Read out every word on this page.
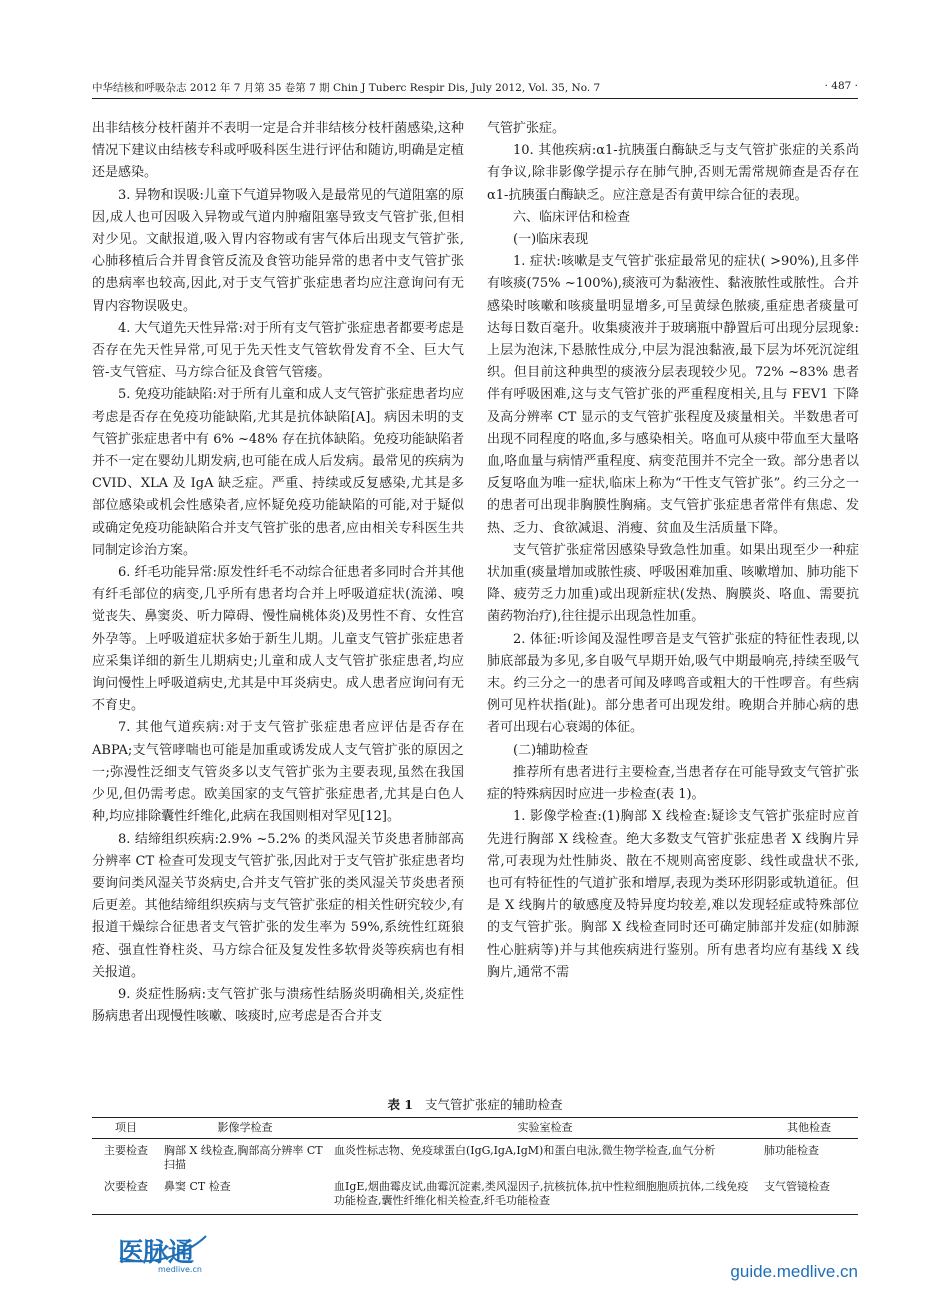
中华结核和呼吸杂志 2012 年 7 月第 35 卷第 7 期 Chin J Tuberc Respir Dis, July 2012, Vol. 35, No. 7	· 487 ·

出非结核分枝杆菌并不表明一定是合并非结核分枝杆菌感染,这种情况下建议由结核专科或呼吸科医生进行评估和随访,明确是定植还是感染。

3. 异物和误吸:儿童下气道异物吸入是最常见的气道阻塞的原因,成人也可因吸入异物或气道内肿瘤阻塞导致支气管扩张,但相对少见。文献报道,吸入胃内容物或有害气体后出现支气管扩张,心肺移植后合并胃食管反流及食管功能异常的患者中支气管扩张的患病率也较高,因此,对于支气管扩张症患者均应注意询问有无胃内容物误吸史。

4. 大气道先天性异常:对于所有支气管扩张症患者都要考虑是否存在先天性异常,可见于先天性支气管软骨发育不全、巨大气管-支气管症、马方综合征及食管气管瘘。

5. 免疫功能缺陷:对于所有儿童和成人支气管扩张症患者均应考虑是否存在免疫功能缺陷,尤其是抗体缺陷[A]。病因未明的支气管扩张症患者中有 6% ~48% 存在抗体缺陷。免疫功能缺陷者并不一定在婴幼儿期发病,也可能在成人后发病。最常见的疾病为 CVID、XLA 及 IgA 缺乏症。严重、持续或反复感染,尤其是多部位感染或机会性感染者,应怀疑免疫功能缺陷的可能,对于疑似或确定免疫功能缺陷合并支气管扩张的患者,应由相关专科医生共同制定诊治方案。

6. 纤毛功能异常:原发性纤毛不动综合征患者多同时合并其他有纤毛部位的病变,几乎所有患者均合并上呼吸道症状(流涕、嗅觉丧失、鼻窦炎、听力障碍、慢性扁桃体炎)及男性不育、女性宫外孕等。上呼吸道症状多始于新生儿期。儿童支气管扩张症患者应采集详细的新生儿期病史;儿童和成人支气管扩张症患者,均应询问慢性上呼吸道病史,尤其是中耳炎病史。成人患者应询问有无不育史。

7. 其他气道疾病:对于支气管扩张症患者应评估是否存在 ABPA;支气管哮喘也可能是加重或诱发成人支气管扩张的原因之一;弥漫性泛细支气管炎多以支气管扩张为主要表现,虽然在我国少见,但仍需考虑。欧美国家的支气管扩张症患者,尤其是白色人种,均应排除囊性纤维化,此病在我国则相对罕见[12]。

8. 结缔组织疾病:2.9% ~5.2% 的类风湿关节炎患者肺部高分辨率 CT 检查可发现支气管扩张,因此对于支气管扩张症患者均要询问类风湿关节炎病史,合并支气管扩张的类风湿关节炎患者预后更差。其他结缔组织疾病与支气管扩张症的相关性研究较少,有报道干燥综合征患者支气管扩张的发生率为 59%,系统性红斑狼疮、强直性脊柱炎、马方综合征及复发性多软骨炎等疾病也有相关报道。

9. 炎症性肠病:支气管扩张与溃疡性结肠炎明确相关,炎症性肠病患者出现慢性咳嗽、咳痰时,应考虑是否合并支

气管扩张症。

10. 其他疾病:α1-抗胰蛋白酶缺乏与支气管扩张症的关系尚有争议,除非影像学提示存在肺气肿,否则无需常规筛查是否存在 α1-抗胰蛋白酶缺乏。应注意是否有黄甲综合征的表现。

六、临床评估和检查

(一)临床表现

1. 症状:咳嗽是支气管扩张症最常见的症状( >90%),且多伴有咳痰(75% ~100%),痰液可为黏液性、黏液脓性或脓性。合并感染时咳嗽和咳痰量明显增多,可呈黄绿色脓痰,重症患者痰量可达每日数百毫升。收集痰液并于玻璃瓶中静置后可出现分层现象:上层为泡沫,下悬脓性成分,中层为混浊黏液,最下层为坏死沉淀组织。但目前这种典型的痰液分层表现较少见。72% ~83% 患者伴有呼吸困难,这与支气管扩张的严重程度相关,且与 FEV1 下降及高分辨率 CT 显示的支气管扩张程度及痰量相关。半数患者可出现不同程度的咯血,多与感染相关。咯血可从痰中带血至大量咯血,咯血量与病情严重程度、病变范围并不完全一致。部分患者以反复咯血为唯一症状,临床上称为“干性支气管扩张”。约三分之一的患者可出现非胸膜性胸痛。支气管扩张症患者常伴有焦虑、发热、乏力、食欲减退、消瘦、贫血及生活质量下降。

支气管扩张症常因感染导致急性加重。如果出现至少一种症状加重(痰量增加或脓性痰、呼吸困难加重、咳嗽增加、肺功能下降、疲劳乏力加重)或出现新症状(发热、胸膜炎、咯血、需要抗菌药物治疗),往往提示出现急性加重。

2. 体征:听诊闻及湿性啰音是支气管扩张症的特征性表现,以肺底部最为多见,多自吸气早期开始,吸气中期最响亮,持续至吸气末。约三分之一的患者可闻及哮鸣音或粗大的干性啰音。有些病例可见杵状指(趾)。部分患者可出现发绀。晚期合并肺心病的患者可出现右心衰竭的体征。

(二)辅助检查

推荐所有患者进行主要检查,当患者存在可能导致支气管扩张症的特殊病因时应进一步检查(表 1)。

1. 影像学检查:(1)胸部 X 线检查:疑诊支气管扩张症时应首先进行胸部 X 线检查。绝大多数支气管扩张症患者 X 线胸片异常,可表现为灶性肺炎、散在不规则高密度影、线性或盘状不张,也可有特征性的气道扩张和增厚,表现为类环形阴影或轨道征。但是 X 线胸片的敏感度及特异度均较差,难以发现轻症或特殊部位的支气管扩张。胸部 X 线检查同时还可确定肺部并发症(如肺源性心脏病等)并与其他疾病进行鉴别。所有患者均应有基线 X 线胸片,通常不需

表 1 支气管扩张症的辅助检查
项目	影像学检查	实验室检查	其他检查
主要检查	胸部 X 线检查,胸部高分辨率 CT 扫描	血炎性标志物、免疫球蛋白(IgG,IgA,IgM)和蛋白电泳,微生物学检查,血气分析	肺功能检查
次要检查	鼻窦 CT 检查	血IgE,烟曲霉皮试,曲霉沉淀素,类风湿因子,抗核抗体,抗中性粒细胞胞质抗体,二线免疫功能检查,囊性纤维化相关检查,纤毛功能检查	支气管镜检查
医脉通
medlive.cn	guide.medlive.cn
